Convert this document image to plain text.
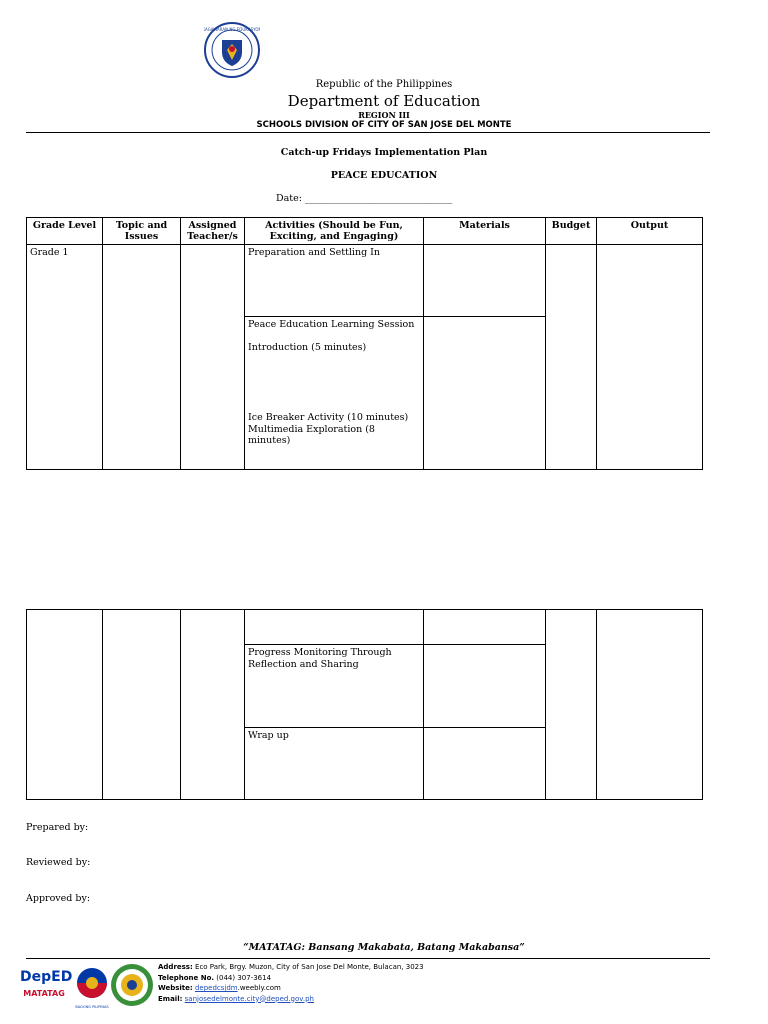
KAGAWARAN NG EDUKASYON
Republic of the Philippines
Department of Education
REGION III
SCHOOLS DIVISION OF CITY OF SAN JOSE DEL MONTE
Catch-up Fridays Implementation Plan
PEACE EDUCATION
Date: _______________________________
Grade Level	Topic and Issues	Assigned Teacher/s	Activities (Should be Fun, Exciting, and Engaging)	Materials	Budget	Output
Grade 1			Preparation and Settling In			

			Peace Education Learning Session
Introduction (5 minutes)
Ice Breaker Activity (10 minutes)
Multimedia Exploration (8 minutes)			

			Progress Monitoring Through Reflection and Sharing			
			Wrap up			
Prepared by:
Reviewed by:
Approved by:
“MATATAG: Bansang Makabata, Batang Makabansa”
DepED
MATATAG
BAGONG PILIPINAS
Address: Eco Park, Brgy. Muzon, City of San Jose Del Monte, Bulacan, 3023
Telephone No. (044) 307-3614
Website: depedcsjdm.weebly.com
Email: sanjosedelmonte.city@deped.gov.ph
